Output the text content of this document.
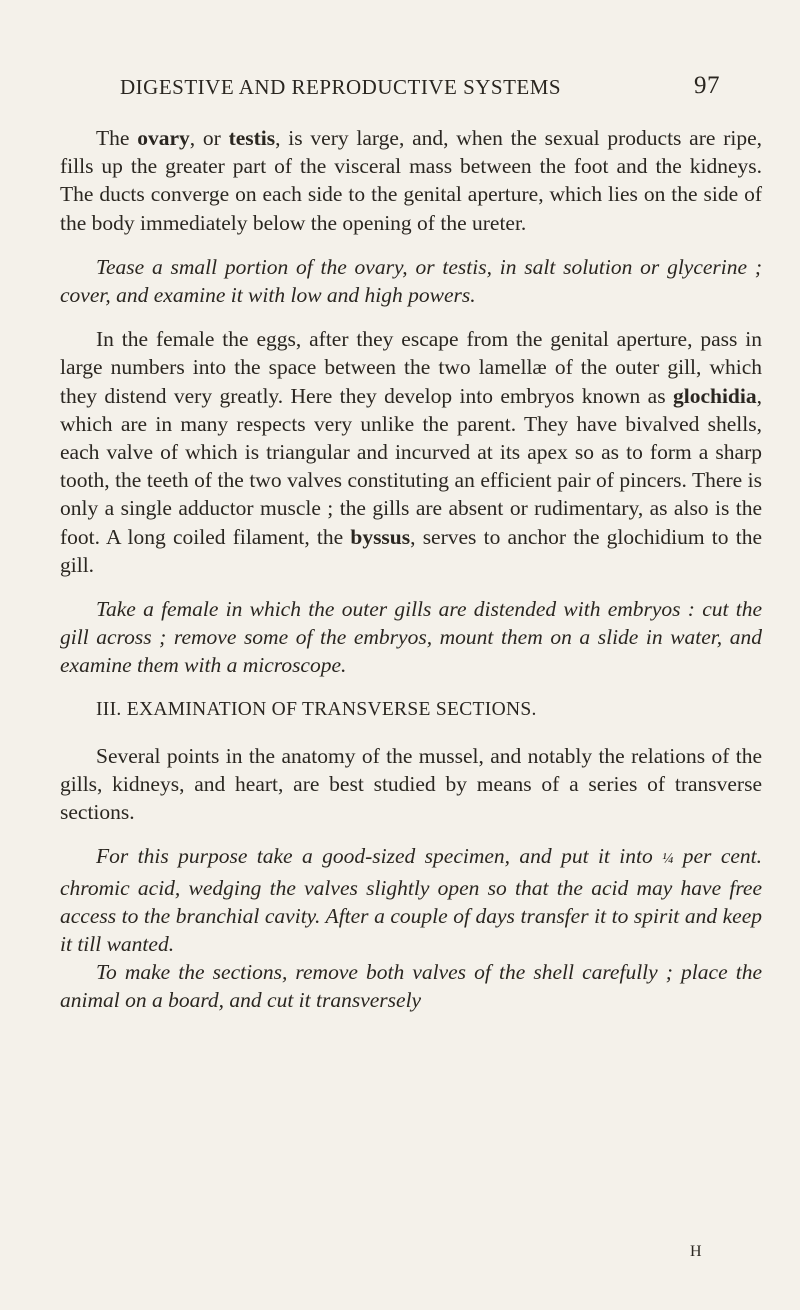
DIGESTIVE AND REPRODUCTIVE SYSTEMS	97

The ovary, or testis, is very large, and, when the sexual products are ripe, fills up the greater part of the visceral mass between the foot and the kidneys. The ducts converge on each side to the genital aperture, which lies on the side of the body immediately below the opening of the ureter.

Tease a small portion of the ovary, or testis, in salt solution or glycerine ; cover, and examine it with low and high powers.

In the female the eggs, after they escape from the genital aperture, pass in large numbers into the space between the two lamellæ of the outer gill, which they distend very greatly. Here they develop into embryos known as glochidia, which are in many respects very unlike the parent. They have bivalved shells, each valve of which is triangular and incurved at its apex so as to form a sharp tooth, the teeth of the two valves constituting an efficient pair of pincers. There is only a single adductor muscle ; the gills are absent or rudimentary, as also is the foot. A long coiled filament, the byssus, serves to anchor the glochidium to the gill.

Take a female in which the outer gills are distended with embryos : cut the gill across ; remove some of the embryos, mount them on a slide in water, and examine them with a microscope.

III. EXAMINATION OF TRANSVERSE SECTIONS.

Several points in the anatomy of the mussel, and notably the relations of the gills, kidneys, and heart, are best studied by means of a series of transverse sections.

For this purpose take a good-sized specimen, and put it into ¼ per cent. chromic acid, wedging the valves slightly open so that the acid may have free access to the branchial cavity. After a couple of days transfer it to spirit and keep it till wanted.

To make the sections, remove both valves of the shell carefully ; place the animal on a board, and cut it transversely

H
